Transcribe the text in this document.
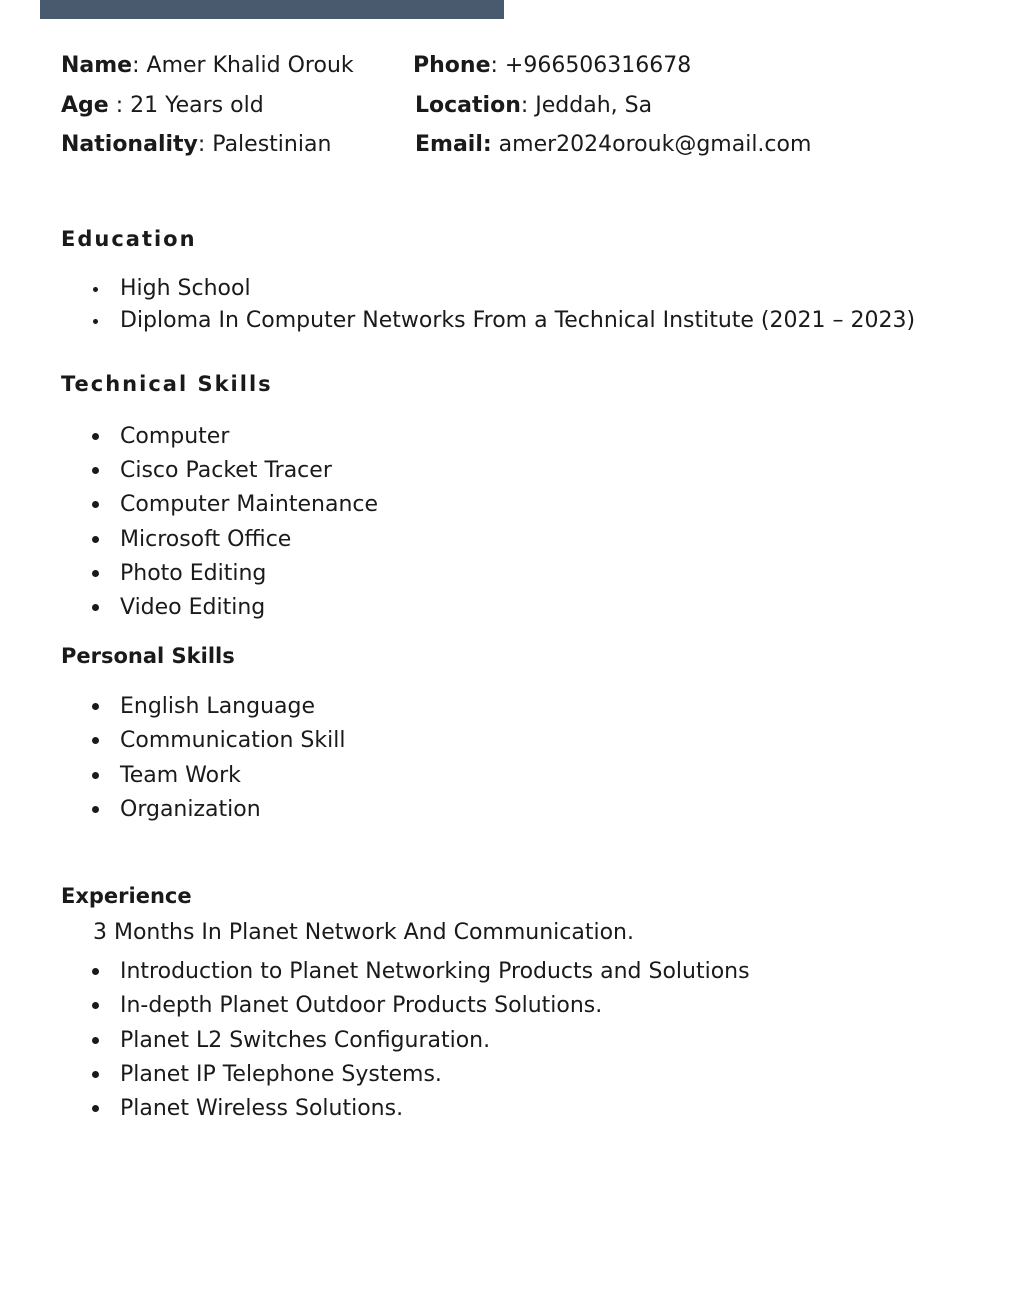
Name: Amer Khalid Orouk	Phone: +966506316678
Age : 21 Years old	Location: Jeddah, Sa
Nationality: Palestinian	Email: amer2024orouk@gmail.com
Education
High School
Diploma In Computer Networks From a Technical Institute (2021 – 2023)
Technical Skills
Computer
Cisco Packet Tracer
Computer Maintenance
Microsoft Office
Photo Editing
Video Editing
Personal Skills
English Language
Communication Skill
Team Work
Organization
Experience
3 Months In Planet Network And Communication.
Introduction to Planet Networking Products and Solutions
In-depth Planet Outdoor Products Solutions.
Planet L2 Switches Configuration.
Planet IP Telephone Systems.
Planet Wireless Solutions.
